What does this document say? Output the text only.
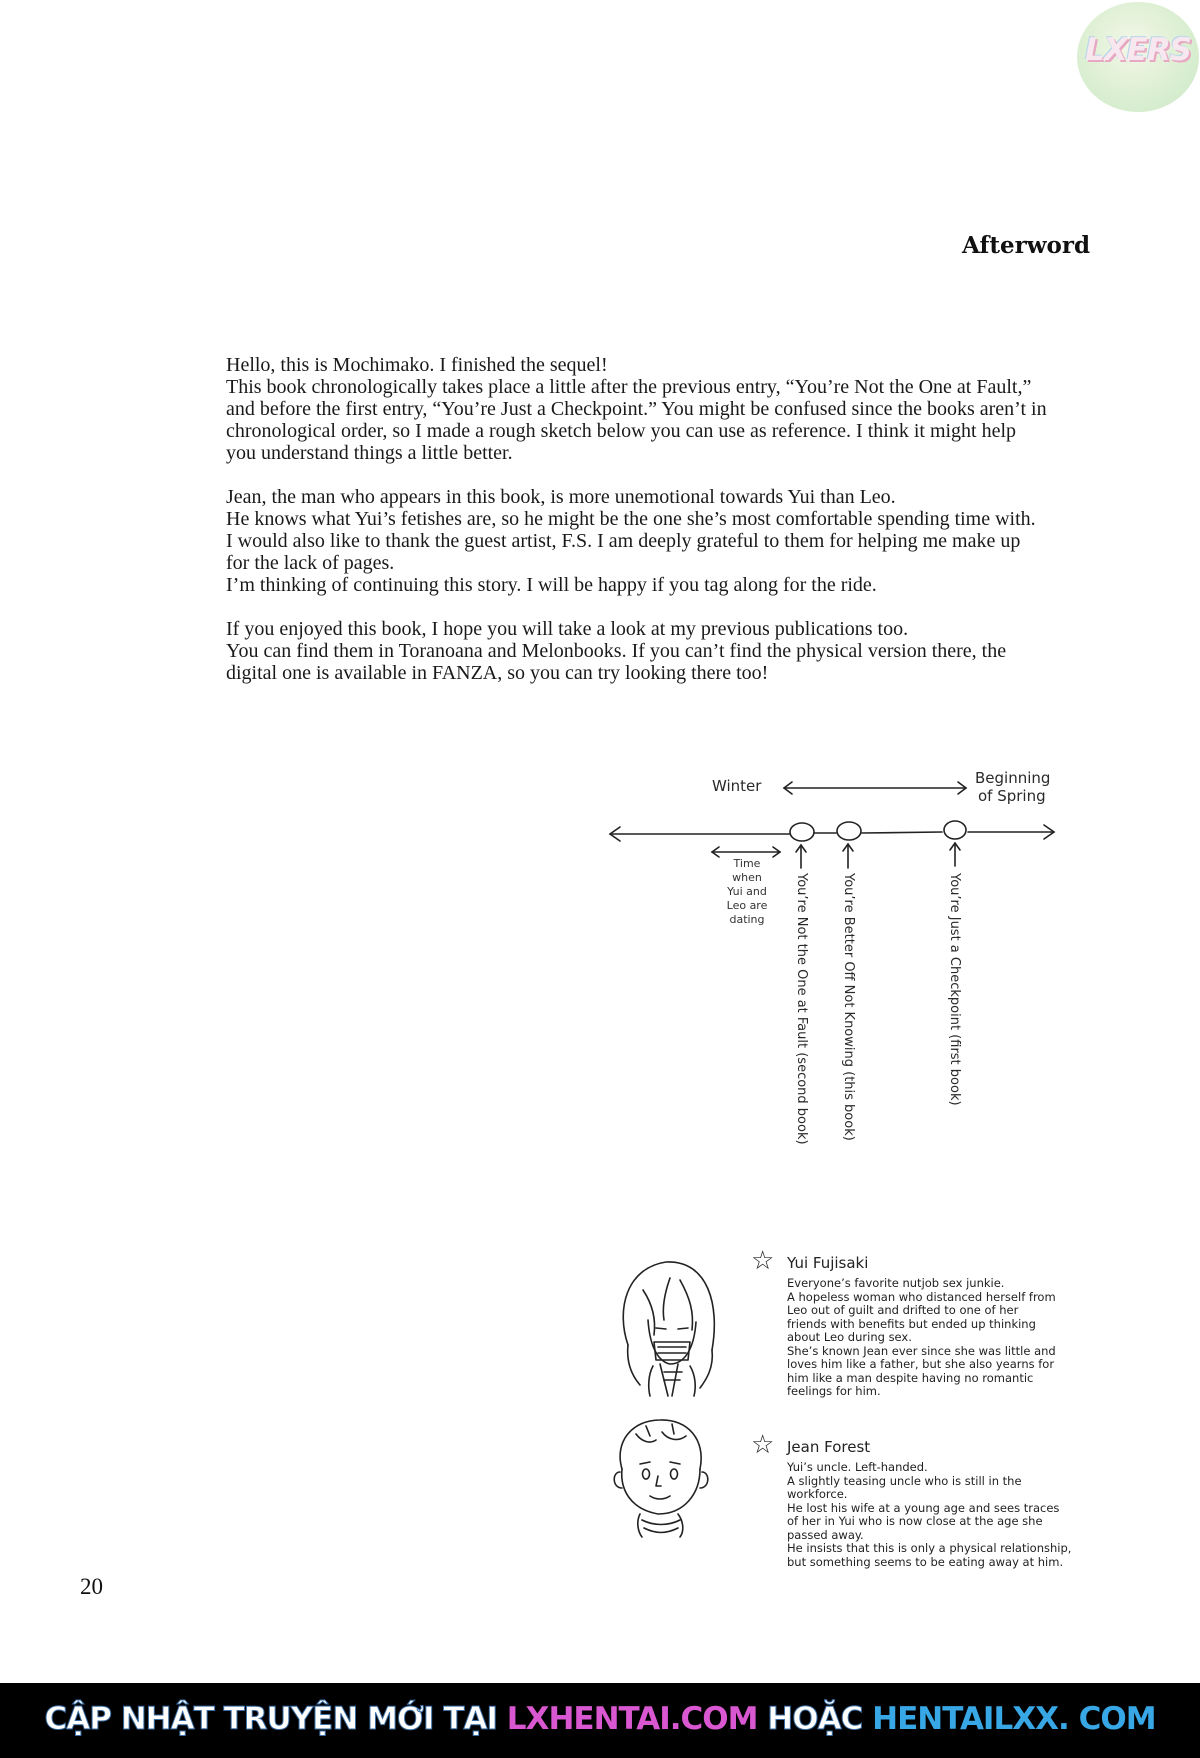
LXERS
Afterword

Hello, this is Mochimako. I finished the sequel!
This book chronologically takes place a little after the previous entry, “You’re Not the One at Fault,”
and before the first entry, “You’re Just a Checkpoint.” You might be confused since the books aren’t in
chronological order, so I made a rough sketch below you can use as reference. I think it might help
you understand things a little better.

Jean, the man who appears in this book, is more unemotional towards Yui than Leo.
He knows what Yui’s fetishes are, so he might be the one she’s most comfortable spending time with.
I would also like to thank the guest artist, F.S. I am deeply grateful to them for helping me make up
for the lack of pages.
I’m thinking of continuing this story. I will be happy if you tag along for the ride.

If you enjoyed this book, I hope you will take a look at my previous publications too.
You can find them in Toranoana and Melonbooks. If you can’t find the physical version there, the
digital one is available in FANZA, so you can try looking there too!

Winter	Beginning
of Spring
Time
when
Yui and
Leo are
dating	You’re Not the One at Fault (second book) You’re Better Off Not Knowing (this book)	You’re Just a Checkpoint (first book)
☆ Yui Fujisaki
Everyone’s favorite nutjob sex junkie.
A hopeless woman who distanced herself from
Leo out of guilt and drifted to one of her
friends with benefits but ended up thinking
about Leo during sex.
She’s known Jean ever since she was little and
loves him like a father, but she also yearns for
him like a man despite having no romantic
feelings for him.
☆ Jean Forest
Yui’s uncle. Left-handed.
A slightly teasing uncle who is still in the
workforce.
He lost his wife at a young age and sees traces
of her in Yui who is now close at the age she
passed away.
He insists that this is only a physical relationship,
but something seems to be eating away at him.
20
CẬP NHẬT TRUYỆN MỚI TẠI LXHENTAI.COM HOẶC HENTAILXX. COM
